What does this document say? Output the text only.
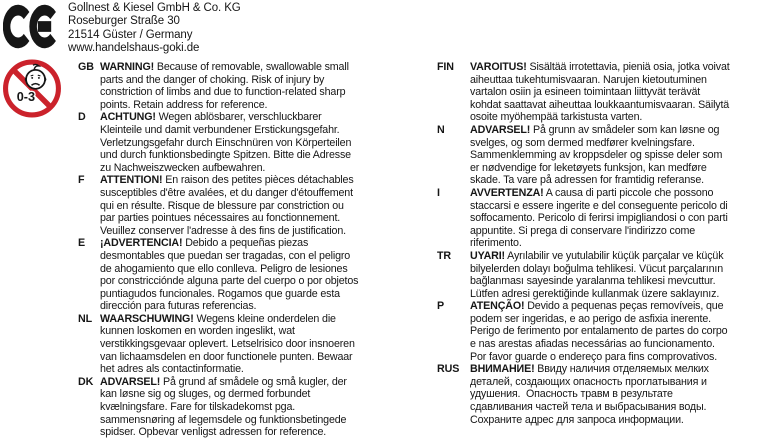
Gollnest & Kiesel GmbH & Co. KG
Roseburger Straße 30
21514 Güster / Germany
www.handelshaus-goki.de
0-3
GB WARNING! Because of removable, swallowable small
parts and the danger of choking. Risk of injury by
constriction of limbs and due to function-related sharp
points. Retain address for reference.
D	ACHTUNG! Wegen ablösbarer, verschluckbarer
Kleinteile und damit verbundener Erstickungsgefahr.
Verletzungsgefahr durch Einschnüren von Körperteilen
und durch funktionsbedingte Spitzen. Bitte die Adresse
zu Nachweiszwecken aufbewahren.
F	ATTENTION! En raison des petites pièces détachables
susceptibles d'être avalées, et du danger d'étouffement
qui en résulte. Risque de blessure par constriction ou
par parties pointues nécessaires au fonctionnement.
Veuillez conserver l'adresse à des fins de justification.
E	¡ADVERTENCIA! Debido a pequeñas piezas
desmontables que puedan ser tragadas, con el peligro
de ahogamiento que ello conlleva. Peligro de lesiones
por constricciónde alguna parte del cuerpo o por objetos
puntiagudos funcionales. Rogamos que guarde esta
dirección para futuras referencias.
NL WAARSCHUWING! Wegens kleine onderdelen die
kunnen loskomen en worden ingeslikt, wat
verstikkingsgevaar oplevert. Letselrisico door insnoeren
van lichaamsdelen en door functionele punten. Bewaar
het adres als contactinformatie.
DK ADVARSEL! På grund af smådele og små kugler, der
kan løsne sig og sluges, og dermed forbundet
kvælningsfare. Fare for tilskadekomst pga.
sammensnøring af legemsdele og funktionsbetingede
spidser. Opbevar venligst adressen for reference.
FIN	VAROITUS! Sisältää irrotettavia, pieniä osia, jotka voivat
aiheuttaa tukehtumisvaaran. Narujen kietoutuminen
vartalon osiin ja esineen toimintaan liittyvät terävät
kohdat saattavat aiheuttaa loukkaantumisvaaran. Säilytä
osoite myöhempää tarkistusta varten.
N	ADVARSEL! På grunn av smådeler som kan løsne og
svelges, og som dermed medfører kvelningsfare.
Sammenklemming av kroppsdeler og spisse deler som
er nødvendige for leketøyets funksjon, kan medføre
skade. Ta vare på adressen for framtidig referanse.
I	AVVERTENZA! A causa di parti piccole che possono
staccarsi e essere ingerite e del conseguente pericolo di
soffocamento. Pericolo di ferirsi impigliandosi o con parti
appuntite. Si prega di conservare l'indirizzo come
riferimento.
TR	UYARI! Ayrılabilir ve yutulabilir küçük parçalar ve küçük
bilyelerden dolayı boğulma tehlikesi. Vücut parçalarının
bağlanması sayesinde yaralanma tehlikesi mevcuttur.
Lütfen adresi gerektiğinde kullanmak üzere saklayınız.
P	ATENÇÃO! Devido a pequenas peças removíveis, que
podem ser ingeridas, e ao perigo de asfixia inerente.
Perigo de ferimento por entalamento de partes do corpo
e nas arestas afiadas necessárias ao funcionamento.
Por favor guarde o endereço para fins comprovativos.
RUS	ВНИМАНИЕ! Ввиду наличия отделяемых мелких
деталей, создающих опасность проглатывания и
удушения.  Опасность травм в результате
сдавливания частей тела и выбрасывания воды.
Сохраните адрес для запроса информации.
